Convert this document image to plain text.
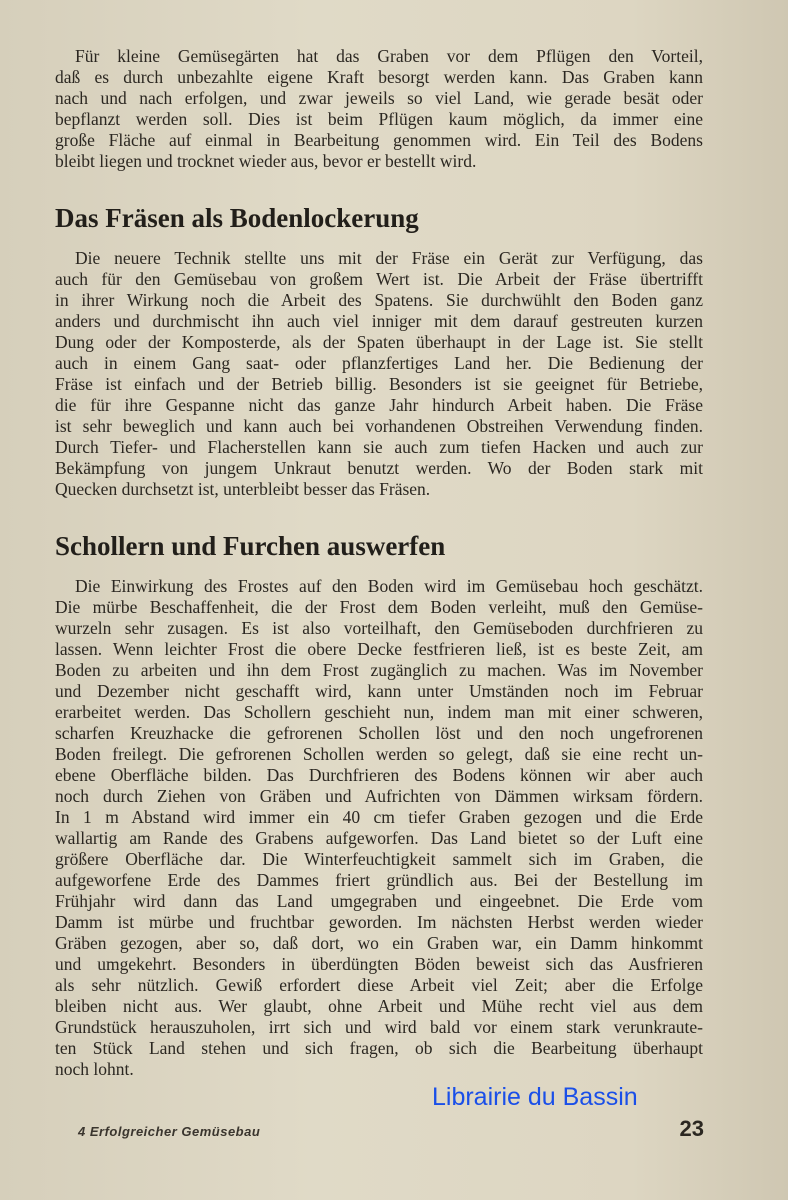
Für kleine Gemüsegärten hat das Graben vor dem Pflügen den Vorteil,
daß es durch unbezahlte eigene Kraft besorgt werden kann. Das Graben kann
nach und nach erfolgen, und zwar jeweils so viel Land, wie gerade besät oder
bepflanzt werden soll. Dies ist beim Pflügen kaum möglich, da immer eine
große Fläche auf einmal in Bearbeitung genommen wird. Ein Teil des Bodens
bleibt liegen und trocknet wieder aus, bevor er bestellt wird.
Das Fräsen als Bodenlockerung
Die neuere Technik stellte uns mit der Fräse ein Gerät zur Verfügung, das
auch für den Gemüsebau von großem Wert ist. Die Arbeit der Fräse übertrifft
in ihrer Wirkung noch die Arbeit des Spatens. Sie durchwühlt den Boden ganz
anders und durchmischt ihn auch viel inniger mit dem darauf gestreuten kurzen
Dung oder der Komposterde, als der Spaten überhaupt in der Lage ist. Sie stellt
auch in einem Gang saat- oder pflanzfertiges Land her. Die Bedienung der
Fräse ist einfach und der Betrieb billig. Besonders ist sie geeignet für Betriebe,
die für ihre Gespanne nicht das ganze Jahr hindurch Arbeit haben. Die Fräse
ist sehr beweglich und kann auch bei vorhandenen Obstreihen Verwendung finden.
Durch Tiefer- und Flacherstellen kann sie auch zum tiefen Hacken und auch zur
Bekämpfung von jungem Unkraut benutzt werden. Wo der Boden stark mit
Quecken durchsetzt ist, unterbleibt besser das Fräsen.
Schollern und Furchen auswerfen
Die Einwirkung des Frostes auf den Boden wird im Gemüsebau hoch geschätzt.
Die mürbe Beschaffenheit, die der Frost dem Boden verleiht, muß den Gemüse-
wurzeln sehr zusagen. Es ist also vorteilhaft, den Gemüseboden durchfrieren zu
lassen. Wenn leichter Frost die obere Decke festfrieren ließ, ist es beste Zeit, am
Boden zu arbeiten und ihn dem Frost zugänglich zu machen. Was im November
und Dezember nicht geschafft wird, kann unter Umständen noch im Februar
erarbeitet werden. Das Schollern geschieht nun, indem man mit einer schweren,
scharfen Kreuzhacke die gefrorenen Schollen löst und den noch ungefrorenen
Boden freilegt. Die gefrorenen Schollen werden so gelegt, daß sie eine recht un-
ebene Oberfläche bilden. Das Durchfrieren des Bodens können wir aber auch
noch durch Ziehen von Gräben und Aufrichten von Dämmen wirksam fördern.
In 1 m Abstand wird immer ein 40 cm tiefer Graben gezogen und die Erde
wallartig am Rande des Grabens aufgeworfen. Das Land bietet so der Luft eine
größere Oberfläche dar. Die Winterfeuchtigkeit sammelt sich im Graben, die
aufgeworfene Erde des Dammes friert gründlich aus. Bei der Bestellung im
Frühjahr wird dann das Land umgegraben und eingeebnet. Die Erde vom
Damm ist mürbe und fruchtbar geworden. Im nächsten Herbst werden wieder
Gräben gezogen, aber so, daß dort, wo ein Graben war, ein Damm hinkommt
und umgekehrt. Besonders in überdüngten Böden beweist sich das Ausfrieren
als sehr nützlich. Gewiß erfordert diese Arbeit viel Zeit; aber die Erfolge
bleiben nicht aus. Wer glaubt, ohne Arbeit und Mühe recht viel aus dem
Grundstück herauszuholen, irrt sich und wird bald vor einem stark verunkraute-
ten Stück Land stehen und sich fragen, ob sich die Bearbeitung überhaupt
noch lohnt.
Librairie du Bassin
4 Erfolgreicher Gemüsebau	23
